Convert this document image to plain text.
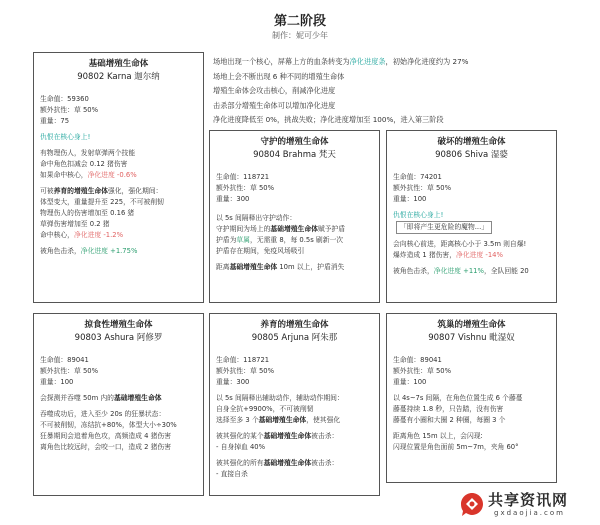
第二阶段
制作：妮可少年
场地出现一个核心，屏幕上方的血条转变为净化进度条，初始净化进度约为 27%
场地上会不断出现 6 种不同的增殖生命体
增殖生命体会攻击核心，削减净化进度
击杀部分增殖生命体可以增加净化进度
净化进度降低至 0%，挑战失败；净化进度增加至 100%，进入第三阶段
基础增殖生命体
90802 Karna 迦尔纳
生命值：59360
额外抗性：草 50%
重量：75
仇恨在核心身上!
有物理伤人，发射草弹两个技能
命中角色扣减会 0.12 猪伤害
如果命中核心，净化进度 -0.6%
可被养育的增殖生命体强化，强化期间：
体型变大，重量提升至 225，不可被削韧
物理伤人的伤害增加至 0.16 猪
草弹伤害增加至 0.2 猪
命中核心，净化进度 -1.2%
被角色击杀，净化进度 +1.75%
守护的增殖生命体
90804 Brahma 梵天
生命值：118721
额外抗性：草 50%
重量：300
以 5s 间隔释出守护动作：
守护期间为场上的基础增殖生命体赋予护盾
护盾为草属，无需重 8，每 0.5s 刷新一次
护盾存在期间，免疫风场吸引
距离基础增殖生命体 10m 以上，护盾消失
破坏的增殖生命体
90806 Shiva 湿婆
生命值：74201
额外抗性：草 50%
重量：100
仇恨在核心身上!
「即将产生更危险的魔物...」
会向核心前进，距离核心小于 3.5m 则自爆!
爆炸造成 1 猪伤害，净化进度 -14%
被角色击杀，净化进度 +11%，全队回能 20
掠食性增殖生命体
90803 Ashura 阿修罗
生命值：89041
额外抗性：草 50%
重量：100
会探测并吞噬 50m 内的基础增殖生命体
吞噬成功后，进入至少 20s 的狂暴状态：
不可被削韧，冻结抗+80%，体型大小÷30%
狂暴期间会追着角色攻，高频造成 4 猪伤害
离角色比较远时，会咬一口，造成 2 猪伤害
养育的增殖生命体
90805 Arjuna 阿朱那
生命值：118721
额外抗性：草 50%
重量：300
以 5s 间隔释出辅助动作，辅助动作期间：
自身全抗+9900%，不可被削韧
选择至多 3 个基础增殖生命体，使其强化
被其强化的某个基础增殖生命体被击杀：
- 自身掉血 40%
被其强化的所有基础增殖生命体被击杀：
- 直接自杀
筑巢的增殖生命体
90807 Vishnu 毗湿奴
生命值：89041
额外抗性：草 50%
重量：100
以 4s~7s 间隔，在角色位置生成 6 个藤蔓
藤蔓持续 1.8 秒，只告踏，没有伤害
藤蔓有小圈和大圈 2 种圈，每圈 3 个
距离角色 15m 以上，会闪现:
闪现位置是角色面前 5m~7m，夹角 60°
共享资讯网
gxdaojia.com
